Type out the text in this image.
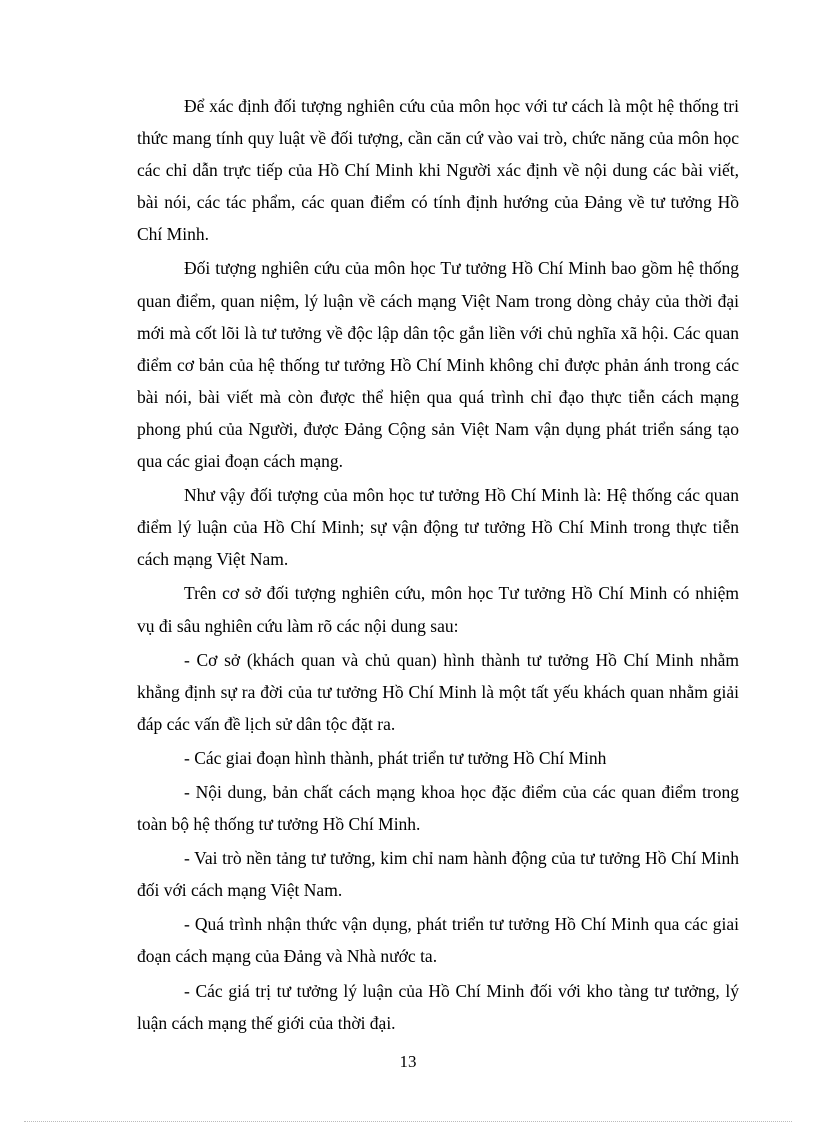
Để xác định đối tượng nghiên cứu của môn học với tư cách là một hệ thống tri thức mang tính quy luật về đối tượng, cần căn cứ vào vai trò, chức năng của môn học các chỉ dẫn trực tiếp của Hồ Chí Minh khi Người xác định về nội dung các bài viết, bài nói, các tác phẩm, các quan điểm có tính định hướng của Đảng về tư tưởng Hồ Chí Minh.

Đối tượng nghiên cứu của môn học Tư tưởng Hồ Chí Minh bao gồm hệ thống quan điểm, quan niệm, lý luận về cách mạng Việt Nam trong dòng chảy của thời đại mới mà cốt lõi là tư tưởng về độc lập dân tộc gắn liền với chủ nghĩa xã hội. Các quan điểm cơ bản của hệ thống tư tưởng Hồ Chí Minh không chỉ được phản ánh trong các bài nói, bài viết mà còn được thể hiện qua quá trình chỉ đạo thực tiễn cách mạng phong phú của Người, được Đảng Cộng sản Việt Nam vận dụng phát triển sáng tạo qua các giai đoạn cách mạng.

Như vậy đối tượng của môn học tư tưởng Hồ Chí Minh là: Hệ thống các quan điểm lý luận của Hồ Chí Minh; sự vận động tư tưởng Hồ Chí Minh trong thực tiễn cách mạng Việt Nam.

Trên cơ sở đối tượng nghiên cứu, môn học Tư tưởng Hồ Chí Minh có nhiệm vụ đi sâu nghiên cứu làm rõ các nội dung sau:

- Cơ sở (khách quan và chủ quan) hình thành tư tưởng Hồ Chí Minh nhằm khẳng định sự ra đời của tư tưởng Hồ Chí Minh là một tất yếu khách quan nhằm giải đáp các vấn đề lịch sử dân tộc đặt ra.

- Các giai đoạn hình thành, phát triển tư tưởng Hồ Chí Minh

- Nội dung, bản chất cách mạng khoa học đặc điểm của các quan điểm trong toàn bộ hệ thống tư tưởng Hồ Chí Minh.

- Vai trò nền tảng tư tưởng, kim chỉ nam hành động của tư tưởng Hồ Chí Minh đối với cách mạng Việt Nam.

- Quá trình nhận thức vận dụng, phát triển tư tưởng Hồ Chí Minh qua các giai đoạn cách mạng của Đảng và Nhà nước ta.

- Các giá trị tư tưởng lý luận của Hồ Chí Minh đối với kho tàng tư tưởng, lý luận cách mạng thế giới của thời đại.

13
